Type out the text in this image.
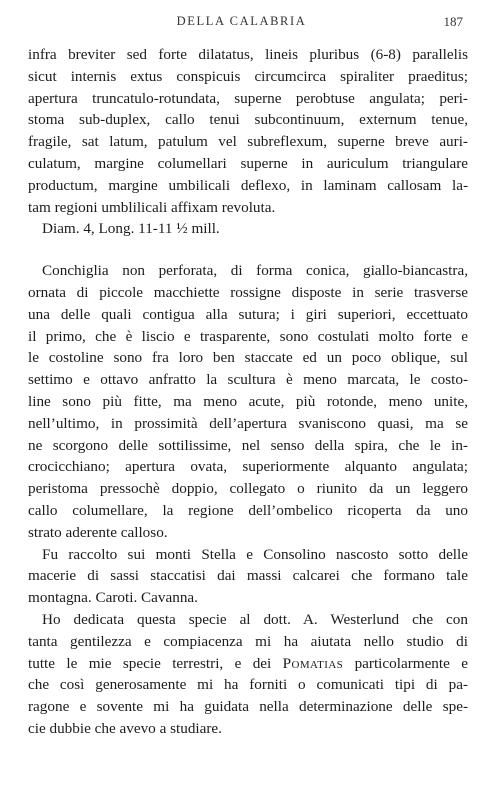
DELLA CALABRIA	187
infra breviter sed forte dilatatus, lineis pluribus (6-8) parallelis
sicut internis extus conspicuis circumcirca spiraliter praeditus;
apertura truncatulo-rotundata, superne perobtuse angulata; peri-
stoma sub-duplex, callo tenui subcontinuum, externum tenue,
fragile, sat latum, patulum vel subreflexum, superne breve auri-
culatum, margine columellari superne in auriculum triangulare
productum, margine umbilicali deflexo, in laminam callosam la-
tam regioni umblilicali affixam revoluta.
Diam. 4, Long. 11-11 ½ mill.
Conchiglia non perforata, di forma conica, giallo-biancastra,
ornata di piccole macchiette rossigne disposte in serie trasverse
una delle quali contigua alla sutura; i giri superiori, eccettuato
il primo, che è liscio e trasparente, sono costulati molto forte e
le costoline sono fra loro ben staccate ed un poco oblique, sul
settimo e ottavo anfratto la scultura è meno marcata, le costo-
line sono più fitte, ma meno acute, più rotonde, meno unite,
nell’ultimo, in prossimità dell’apertura svaniscono quasi, ma se
ne scorgono delle sottilissime, nel senso della spira, che le in-
crocicchiano; apertura ovata, superiormente alquanto angulata;
peristoma pressochè doppio, collegato o riunito da un leggero
callo columellare, la regione dell’ombelico ricoperta da uno
strato aderente calloso.
Fu raccolto sui monti Stella e Consolino nascosto sotto delle
macerie di sassi staccatisi dai massi calcarei che formano tale
montagna. Caroti. Cavanna.
Ho dedicata questa specie al dott. A. Westerlund che con
tanta gentilezza e compiacenza mi ha aiutata nello studio di
tutte le mie specie terrestri, e dei Pomatias particolarmente e
che così generosamente mi ha forniti o comunicati tipi di pa-
ragone e sovente mi ha guidata nella determinazione delle spe-
cie dubbie che avevo a studiare.
